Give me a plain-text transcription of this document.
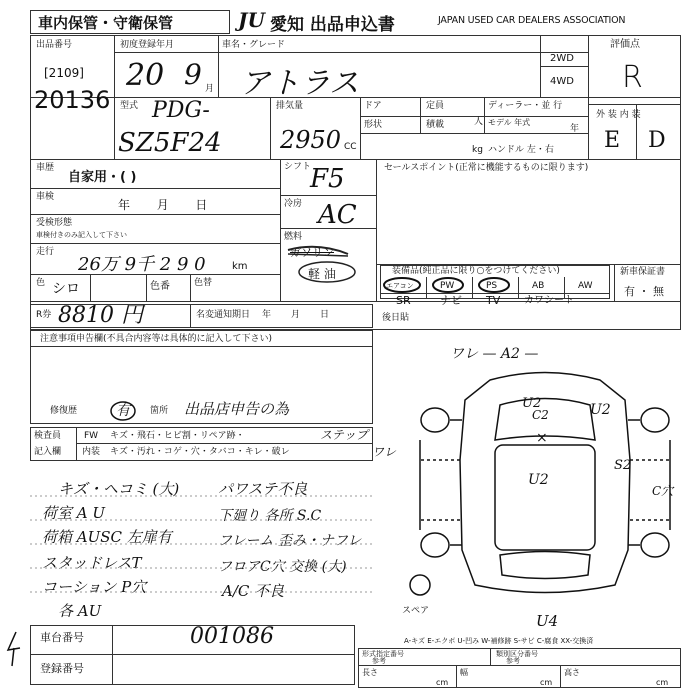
車内保管・守衛保管	JU 愛知 出品申込書	JAPAN USED CAR DEALERS ASSOCIATION
出品番号
[2109]
20136
初度登録年月
20 9 月
車名・グレード
アトラス
2WD
4WD
評価点
R
外 装 内 装
E D
型式 PDG-
SZ5F24
排気量
2950 CC
ドア	定員
人
ディーラー・並 行
形状	積載
kg
モデル 年式
年
ハンドル 左・右
車歴
自家用・( )
車検
年       月       日
受検形態
車検付きのみ記入して下さい
走行
26万 9千 2 9 0	km
色 シロ	色番	色替
シフト
F5
冷房 AC
燃料
ガソリン
軽 油
セールスポイント(正常に機能するものに限ります)
装備品(純正品に限り○をつけてください)
エアコン	PW	PS	AB	AW
SR	ナビ TV カワシート
新車保証書
有 ・ 無
R券 8810 円	名変通知期日 年       月       日	後日貼
注意事項申告欄(不具合内容等は具体的に記入して下さい)
修復歴	有 箇所 出品店申告の為
検査員
記入欄
FW キズ・飛石・ヒビ割・リペア跡・	ステップ
内装 キズ・汚れ・コゲ・穴・タバコ・キレ・破レ	ワレ
キズ・ヘコミ (大)
荷室 A U
荷箱 AUSC 左扉有
スタッドレスT
コーション P穴
各 AU
パワステ不良
下廻り 各所 S.C
フレーム 歪み・ナフレ
フロアC穴 交換 (大)
A/C 不良
ワレ — A2 —
U2
C2
×
U2
U2
S2
C穴
スペア
U4
A-キズ E-エクボ U-凹み W-補修跡 S-サビ C-腐食 XX-交換済
車台番号	001086
登録番号
形式指定番号
参考
類別区分番号
参考
長さ
cm
幅
cm
高さ
cm
